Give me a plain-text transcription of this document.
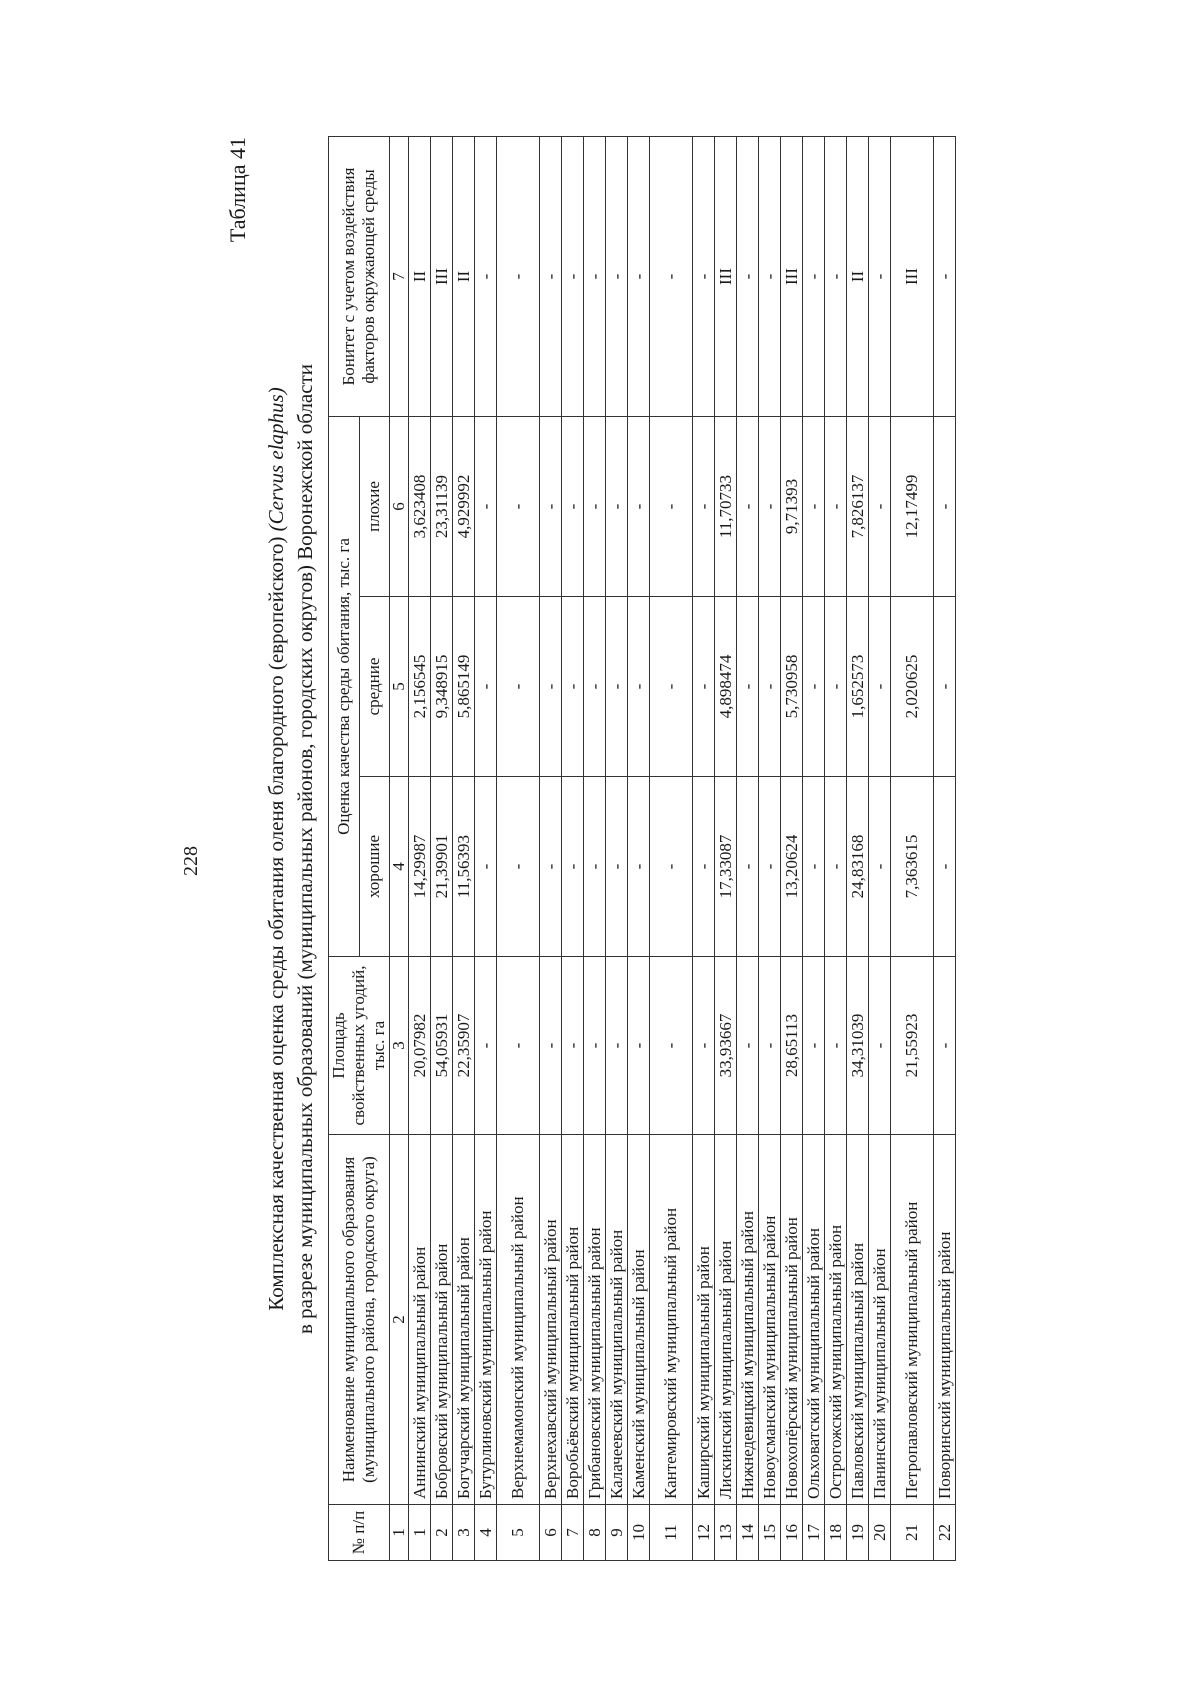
228
Таблица 41
Комплексная качественная оценка среды обитания оленя благородного (европейского) (Cervus elaphus) в разрезе муниципальных образований (муниципальных районов, городских округов) Воронежской области
№ п/п	Наименование муниципального образования (муниципального района, городского округа)	Площадь свойственных угодий, тыс. га	Оценка качества среды обитания, тыс. га			Бонитет с учетом воздействия факторов окружающей среды
			хорошие	средние	плохие	
1	2	3	4	5	6	7
1	Аннинский муниципальный район	20,07982	14,29987	2,156545	3,623408	II
2	Бобровский муниципальный район	54,05931	21,39901	9,348915	23,31139	III
3	Богучарский муниципальный район	22,35907	11,56393	5,865149	4,929992	II
4	Бутурлиновский муниципальный район	-	-	-	-	-
5	Верхнемамонский муниципальный район	-	-	-	-	-
6	Верхнехавский муниципальный район	-	-	-	-	-
7	Воробьёвский муниципальный район	-	-	-	-	-
8	Грибановский муниципальный район	-	-	-	-	-
9	Калачеевский муниципальный район	-	-	-	-	-
10	Каменский муниципальный район	-	-	-	-	-
11	Кантемировский муниципальный район	-	-	-	-	-
12	Каширский муниципальный район	-	-	-	-	-
13	Лискинский муниципальный район	33,93667	17,33087	4,898474	11,70733	III
14	Нижнедевицкий муниципальный район	-	-	-	-	-
15	Новоусманский муниципальный район	-	-	-	-	-
16	Новохопёрский муниципальный район	28,65113	13,20624	5,730958	9,71393	III
17	Ольховатский муниципальный район	-	-	-	-	-
18	Острогожский муниципальный район	-	-	-	-	-
19	Павловский муниципальный район	34,31039	24,83168	1,652573	7,826137	II
20	Панинский муниципальный район	-	-	-	-	-
21	Петропавловский муниципальный район	21,55923	7,363615	2,020625	12,17499	III
22	Поворинский муниципальный район	-	-	-	-	-
